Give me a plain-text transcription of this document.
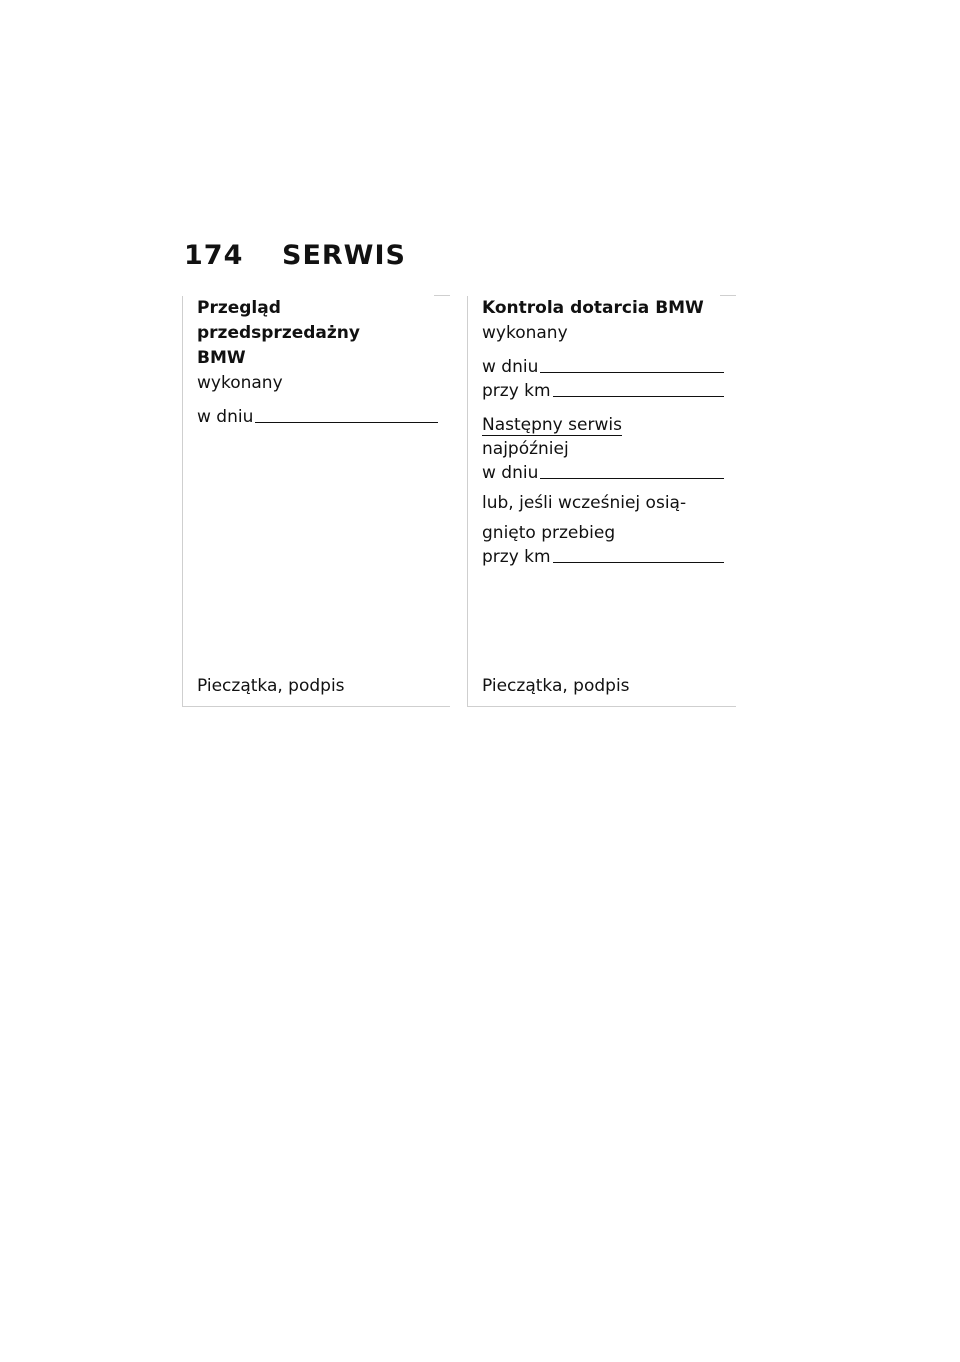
174 SERWIS

Przegląd przedsprzedażny
BMW

wykonany

w dniu
Pieczątka, podpis

Kontrola dotarcia BMW

wykonany

w dniu
przy km

Następny serwis

najpóźniej

w dniu

lub, jeśli wcześniej osią-

gnięto przebieg

przy km
Pieczątka, podpis
